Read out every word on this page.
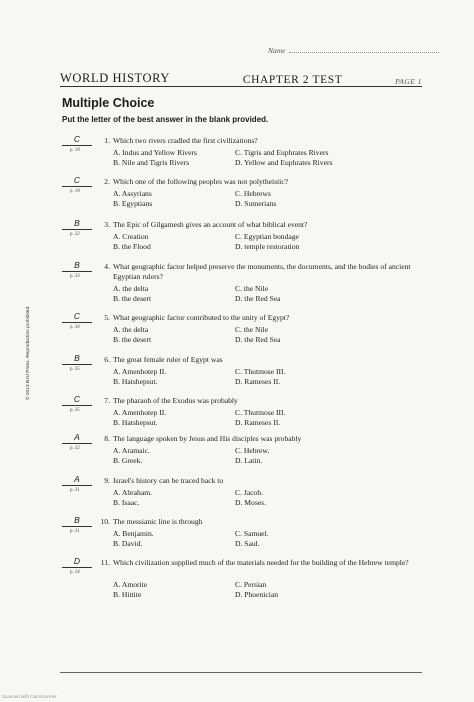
Name
WORLD HISTORY	CHAPTER 2 TEST	PAGE 1
Multiple Choice
Put the letter of the best answer in the blank provided.
C
p. 18
1. Which two rivers cradled the first civilizations?
A. Indus and Yellow Rivers	C. Tigris and Euphrates Rivers
B. Nile and Tigris Rivers	D. Yellow and Euphrates Rivers
C
p. 18
2. Which one of the following peoples was not polytheistic?
A. Assyrians	C. Hebrews
B. Egyptians	D. Sumerians
B
p. 22
3. The Epic of Gilgamesh gives an account of what biblical event?
A. Creation	C. Egyptian bondage
B. the Flood	D. temple restoration
B
p. 33
4. What geographic factor helped preserve the monuments, the documents, and the bodies of ancient Egyptian rulers?
A. the delta	C. the Nile
B. the desert	D. the Red Sea
C
p. 34
5. What geographic factor contributed to the unity of Egypt?
A. the delta	C. the Nile
B. the desert	D. the Red Sea
B
p. 35
6. The great female ruler of Egypt was
A. Amenhotep II.	C. Thutmose III.
B. Hatshepsut.	D. Rameses II.
C
p. 35
7. The pharaoh of the Exodus was probably
A. Amenhotep II.	C. Thutmose III.
B. Hatshepsut.	D. Rameses II.
A
p. 32
8. The language spoken by Jesus and His disciples was probably
A. Aramaic.	C. Hebrew.
B. Greek.	D. Latin.
A
p. 31
9. Israel's history can be traced back to
A. Abraham.	C. Jacob.
B. Isaac.	D. Moses.
B
p. 31
10. The messianic line is through
A. Benjamin.	C. Samuel.
B. David.	D. Saul.
D
p. 24
11. Which civilization supplied much of the materials needed for the building of the Hebrew temple?
A. Amorite	C. Persian
B. Hittite	D. Phoenician
© 2013 BJU Press. Reproduction prohibited.
Scanned with CamScanner
